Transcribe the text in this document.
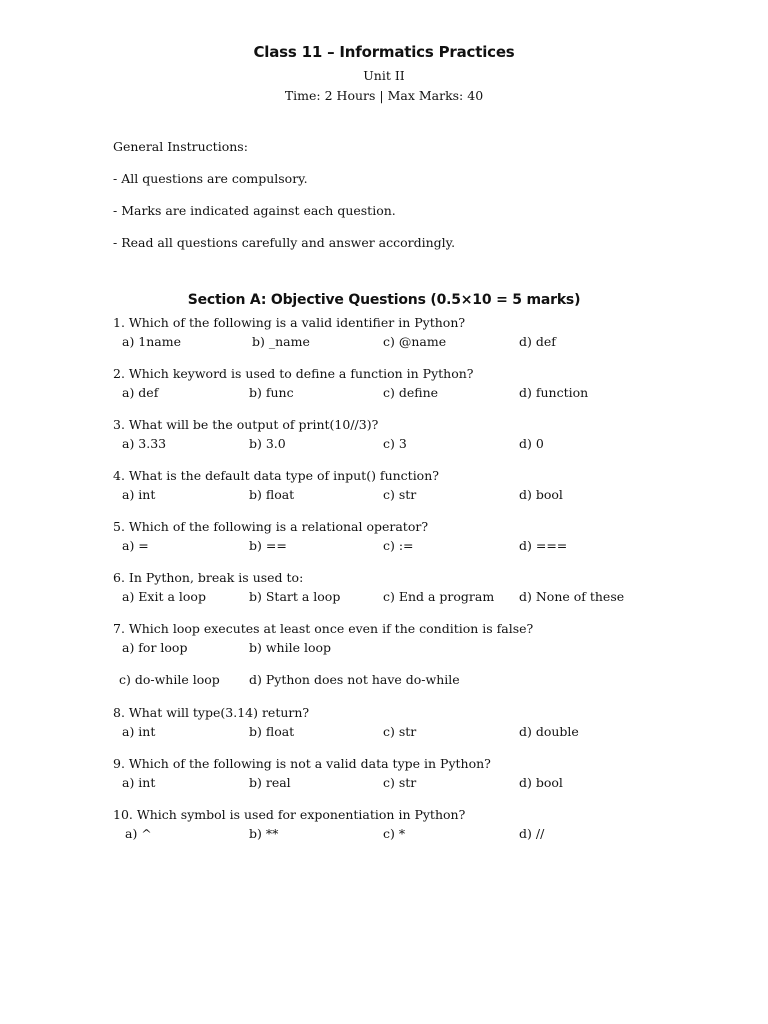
Class 11 – Informatics Practices
Unit II
Time: 2 Hours | Max Marks: 40
General Instructions:
- All questions are compulsory.
- Marks are indicated against each question.
- Read all questions carefully and answer accordingly.
Section A: Objective Questions (0.5×10 = 5 marks)
1. Which of the following is a valid identifier in Python?
a) 1name	b) _name	c) @name	d) def
2. Which keyword is used to define a function in Python?
a) def	b) func	c) define	d) function
3. What will be the output of print(10//3)?
a) 3.33	b) 3.0	c) 3	d) 0
4. What is the default data type of input() function?
a) int	b) float	c) str	d) bool
5. Which of the following is a relational operator?
a) =	b) ==	c) :=	d) ===
6. In Python, break is used to:
a) Exit a loop	b) Start a loop	c) End a program d) None of these
7. Which loop executes at least once even if the condition is false?
a) for loop	b) while loop
c) do-while loop d) Python does not have do-while
8. What will type(3.14) return?
a) int	b) float	c) str	d) double
9. Which of the following is not a valid data type in Python?
a) int	b) real	c) str	d) bool
10. Which symbol is used for exponentiation in Python?
a) ^	b) **	c) *	d) //
